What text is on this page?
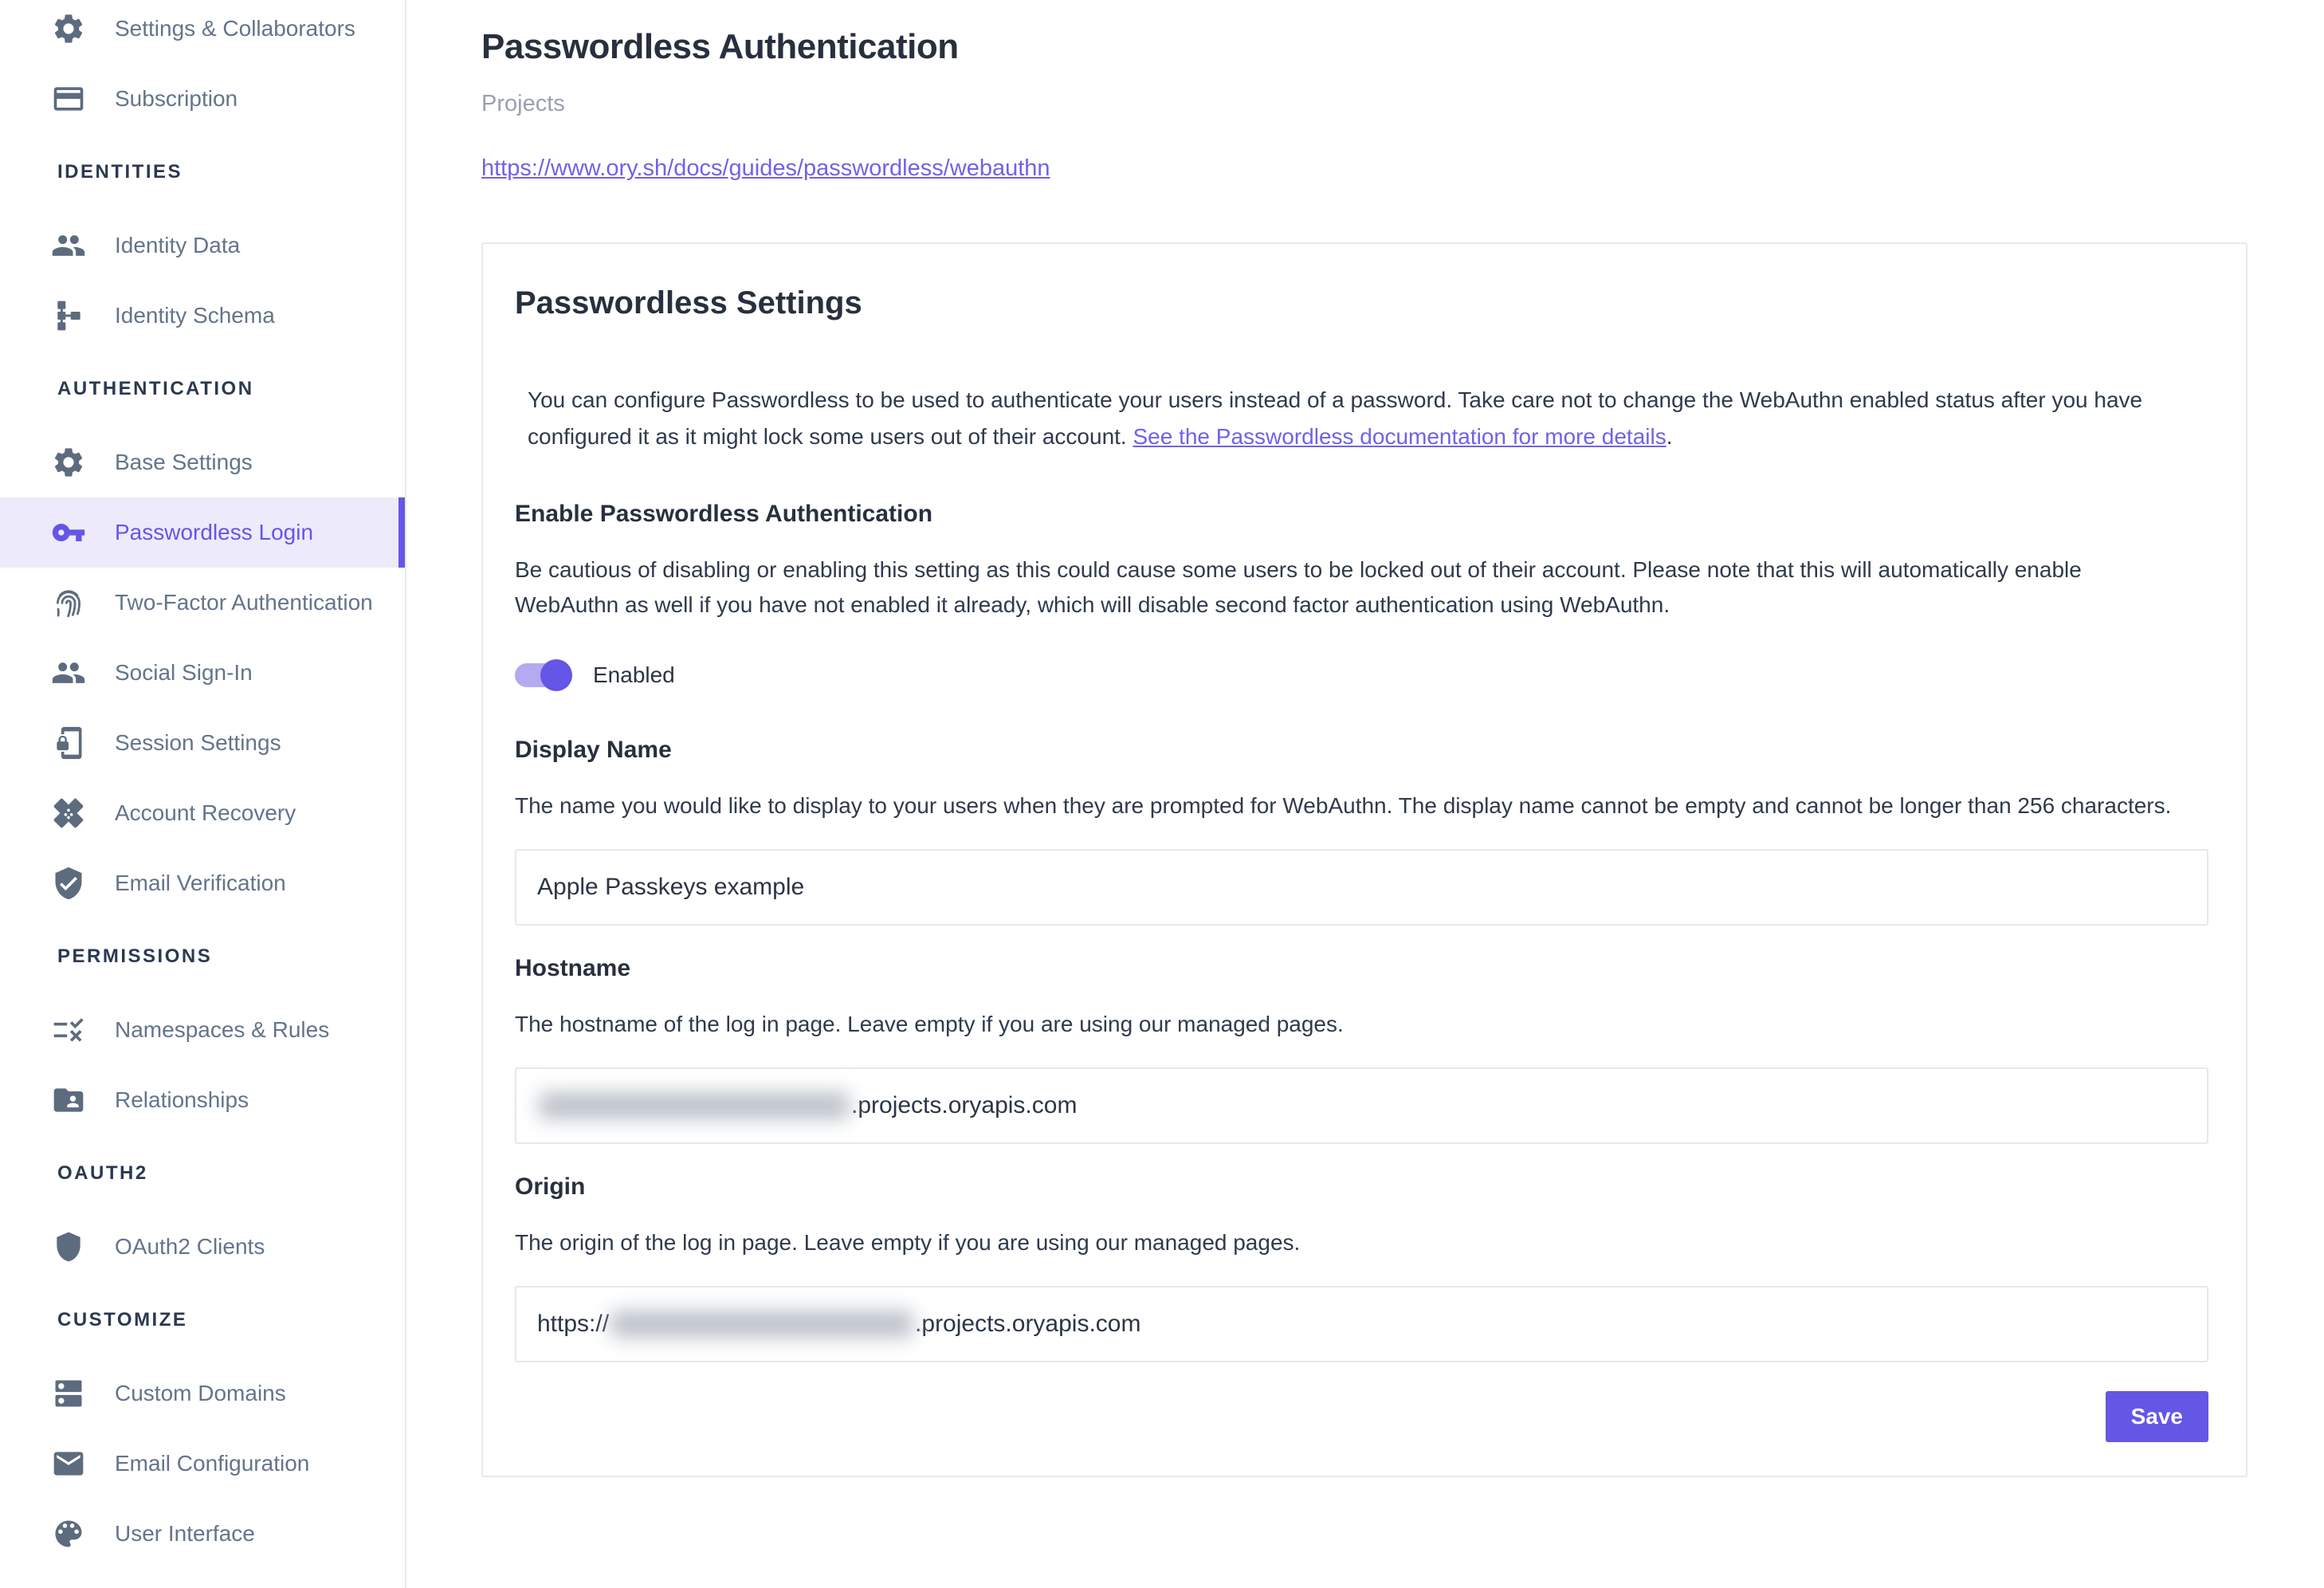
Settings & Collaborators
Subscription
IDENTITIES
Identity Data
Identity Schema
AUTHENTICATION
Base Settings
Passwordless Login
Two-Factor Authentication
Social Sign-In
Session Settings
Account Recovery
Email Verification
PERMISSIONS
Namespaces & Rules
Relationships
OAUTH2
OAuth2 Clients
CUSTOMIZE
Custom Domains
Email Configuration
User Interface
Passwordless Authentication
Projects
https://www.ory.sh/docs/guides/passwordless/webauthn
Passwordless Settings

You can configure Passwordless to be used to authenticate your users instead of a password. Take care not to change the WebAuthn enabled status after you have configured it as it might lock some users out of their account. See the Passwordless documentation for more details.

Enable Passwordless Authentication

Be cautious of disabling or enabling this setting as this could cause some users to be locked out of their account. Please note that this will automatically enable WebAuthn as well if you have not enabled it already, which will disable second factor authentication using WebAuthn.

Enabled
Display Name

The name you would like to display to your users when they are prompted for WebAuthn. The display name cannot be empty and cannot be longer than 256 characters.

Apple Passkeys example
Hostname

The hostname of the log in page. Leave empty if you are using our managed pages.

.projects.oryapis.com
Origin

The origin of the log in page. Leave empty if you are using our managed pages.

https://	.projects.oryapis.com
Save
